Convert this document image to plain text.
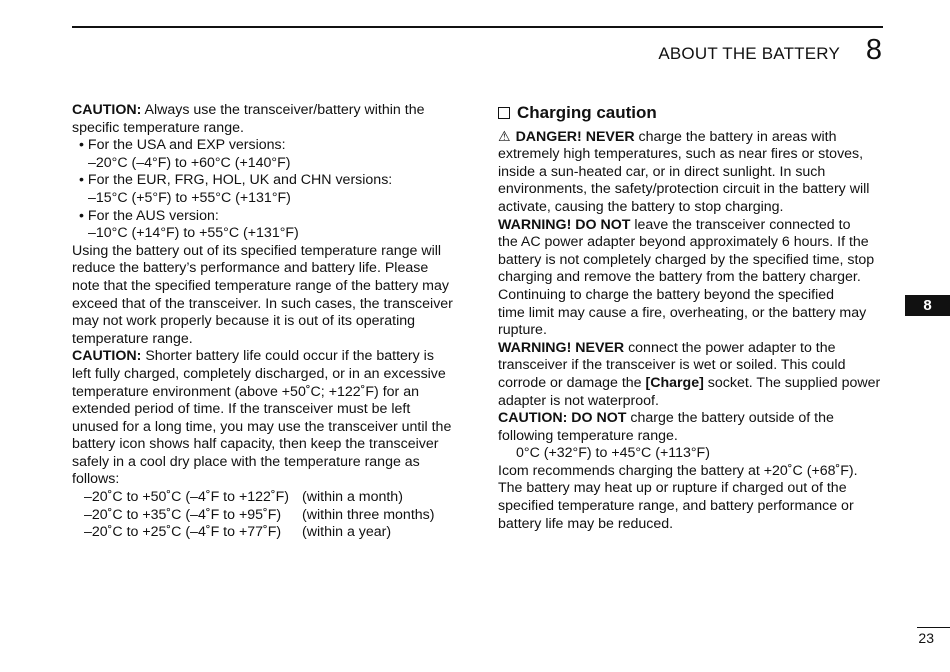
ABOUT THE BATTERY 8
CAUTION: Always use the transceiver/battery within the
specific temperature range.
• For the USA and EXP versions:
–20°C (–4°F) to +60°C (+140°F)
• For the EUR, FRG, HOL, UK and CHN versions:
–15°C (+5°F) to +55°C (+131°F)
• For the AUS version:
–10°C (+14°F) to +55°C (+131°F)
Using the battery out of its specified temperature range will
reduce the battery’s performance and battery life. Please
note that the specified temperature range of the battery may
exceed that of the transceiver. In such cases, the transceiver
may not work properly because it is out of its operating
temperature range.
CAUTION: Shorter battery life could occur if the battery is
left fully charged, completely discharged, or in an excessive
temperature environment (above +50˚C; +122˚F) for an
extended period of time. If the transceiver must be left
unused for a long time, you may use the transceiver until the
battery icon shows half capacity, then keep the transceiver
safely in a cool dry place with the temperature range as
follows:
–20˚C to +50˚C (–4˚F to +122˚F) (within a month)
–20˚C to +35˚C (–4˚F to +95˚F)	(within three months)
–20˚C to +25˚C (–4˚F to +77˚F)	(within a year)
Charging caution
⚠ DANGER! NEVER charge the battery in areas with
extremely high temperatures, such as near fires or stoves,
inside a sun-heated car, or in direct sunlight. In such
environments, the safety/protection circuit in the battery will
activate, causing the battery to stop charging.
WARNING! DO NOT leave the transceiver connected to
the AC power adapter beyond approximately 6 hours. If the
battery is not completely charged by the specified time, stop
charging and remove the battery from the battery charger.
Continuing to charge the battery beyond the specified
time limit may cause a fire, overheating, or the battery may
rupture.
WARNING! NEVER connect the power adapter to the
transceiver if the transceiver is wet or soiled. This could
corrode or damage the [Charge] socket. The supplied power
adapter is not waterproof.
CAUTION: DO NOT charge the battery outside of the
following temperature range.
0°C (+32°F) to +45°C (+113°F)
Icom recommends charging the battery at +20˚C (+68˚F).
The battery may heat up or rupture if charged out of the
specified temperature range, and battery performance or
battery life may be reduced.
8
23
